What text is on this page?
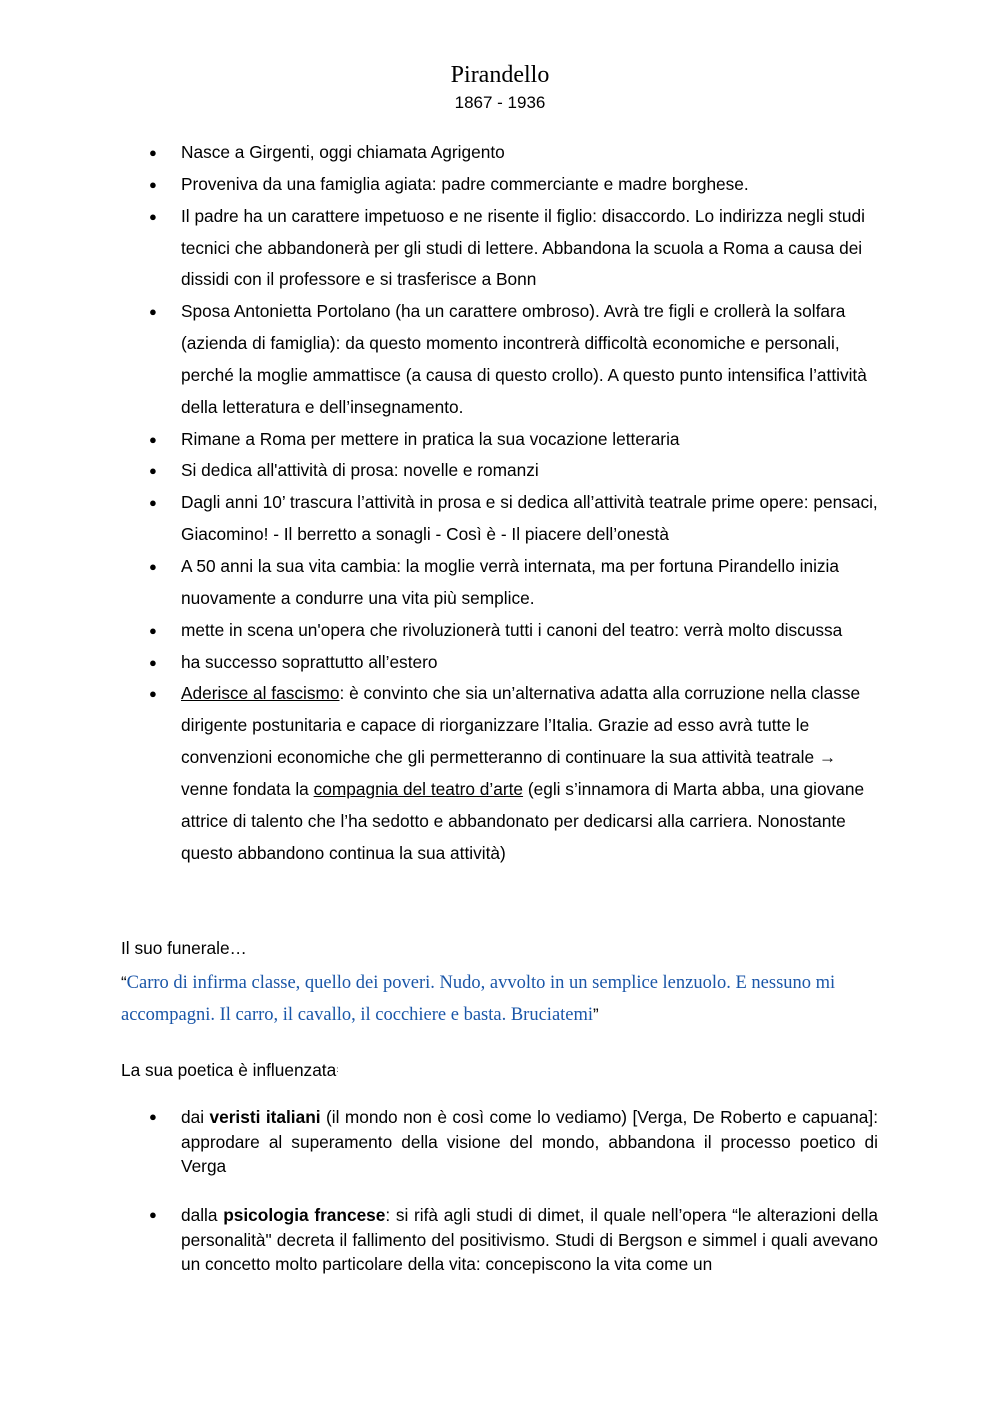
Pirandello
1867 - 1936
● Nasce a Girgenti, oggi chiamata Agrigento
● Proveniva da una famiglia agiata: padre commerciante e madre borghese.
● Il padre ha un carattere impetuoso e ne risente il figlio: disaccordo. Lo indirizza negli studi tecnici che abbandonerà per gli studi di lettere. Abbandona la scuola a Roma a causa dei dissidi con il professore e si trasferisce a Bonn
● Sposa Antonietta Portolano (ha un carattere ombroso). Avrà tre figli e crollerà la solfara (azienda di famiglia): da questo momento incontrerà difficoltà economiche e personali, perché la moglie ammattisce (a causa di questo crollo). A questo punto intensifica l’attività della letteratura e dell’insegnamento.
● Rimane a Roma per mettere in pratica la sua vocazione letteraria
● Si dedica all'attività di prosa: novelle e romanzi
● Dagli anni 10’ trascura l’attività in prosa e si dedica all’attività teatrale prime opere: pensaci, Giacomino! - Il berretto a sonagli - Così è - Il piacere dell’onestà
● A 50 anni la sua vita cambia: la moglie verrà internata, ma per fortuna Pirandello inizia nuovamente a condurre una vita più semplice.
● mette in scena un'opera che rivoluzionerà tutti i canoni del teatro: verrà molto discussa
● ha successo soprattutto all’estero
● Aderisce al fascismo: è convinto che sia un’alternativa adatta alla corruzione nella classe dirigente postunitaria e capace di riorganizzare l’Italia. Grazie ad esso avrà tutte le convenzioni economiche che gli permetteranno di continuare la sua attività teatrale → venne fondata la compagnia del teatro d’arte (egli s’innamora di Marta abba, una giovane attrice di talento che l’ha sedotto e abbandonato per dedicarsi alla carriera. Nonostante questo abbandono continua la sua attività)
Il suo funerale…
“Carro di infirma classe, quello dei poveri. Nudo, avvolto in un semplice lenzuolo. E nessuno mi accompagni. Il carro, il cavallo, il cocchiere e basta. Bruciatemi”
La sua poetica è influenzata:
● dai veristi italiani (il mondo non è così come lo vediamo) [Verga, De Roberto e capuana]: approdare al superamento della visione del mondo, abbandona il processo poetico di Verga
● dalla psicologia francese: si rifà agli studi di dimet, il quale nell’opera “le alterazioni della personalità" decreta il fallimento del positivismo. Studi di Bergson e simmel i quali avevano un concetto molto particolare della vita: concepiscono la vita come un
